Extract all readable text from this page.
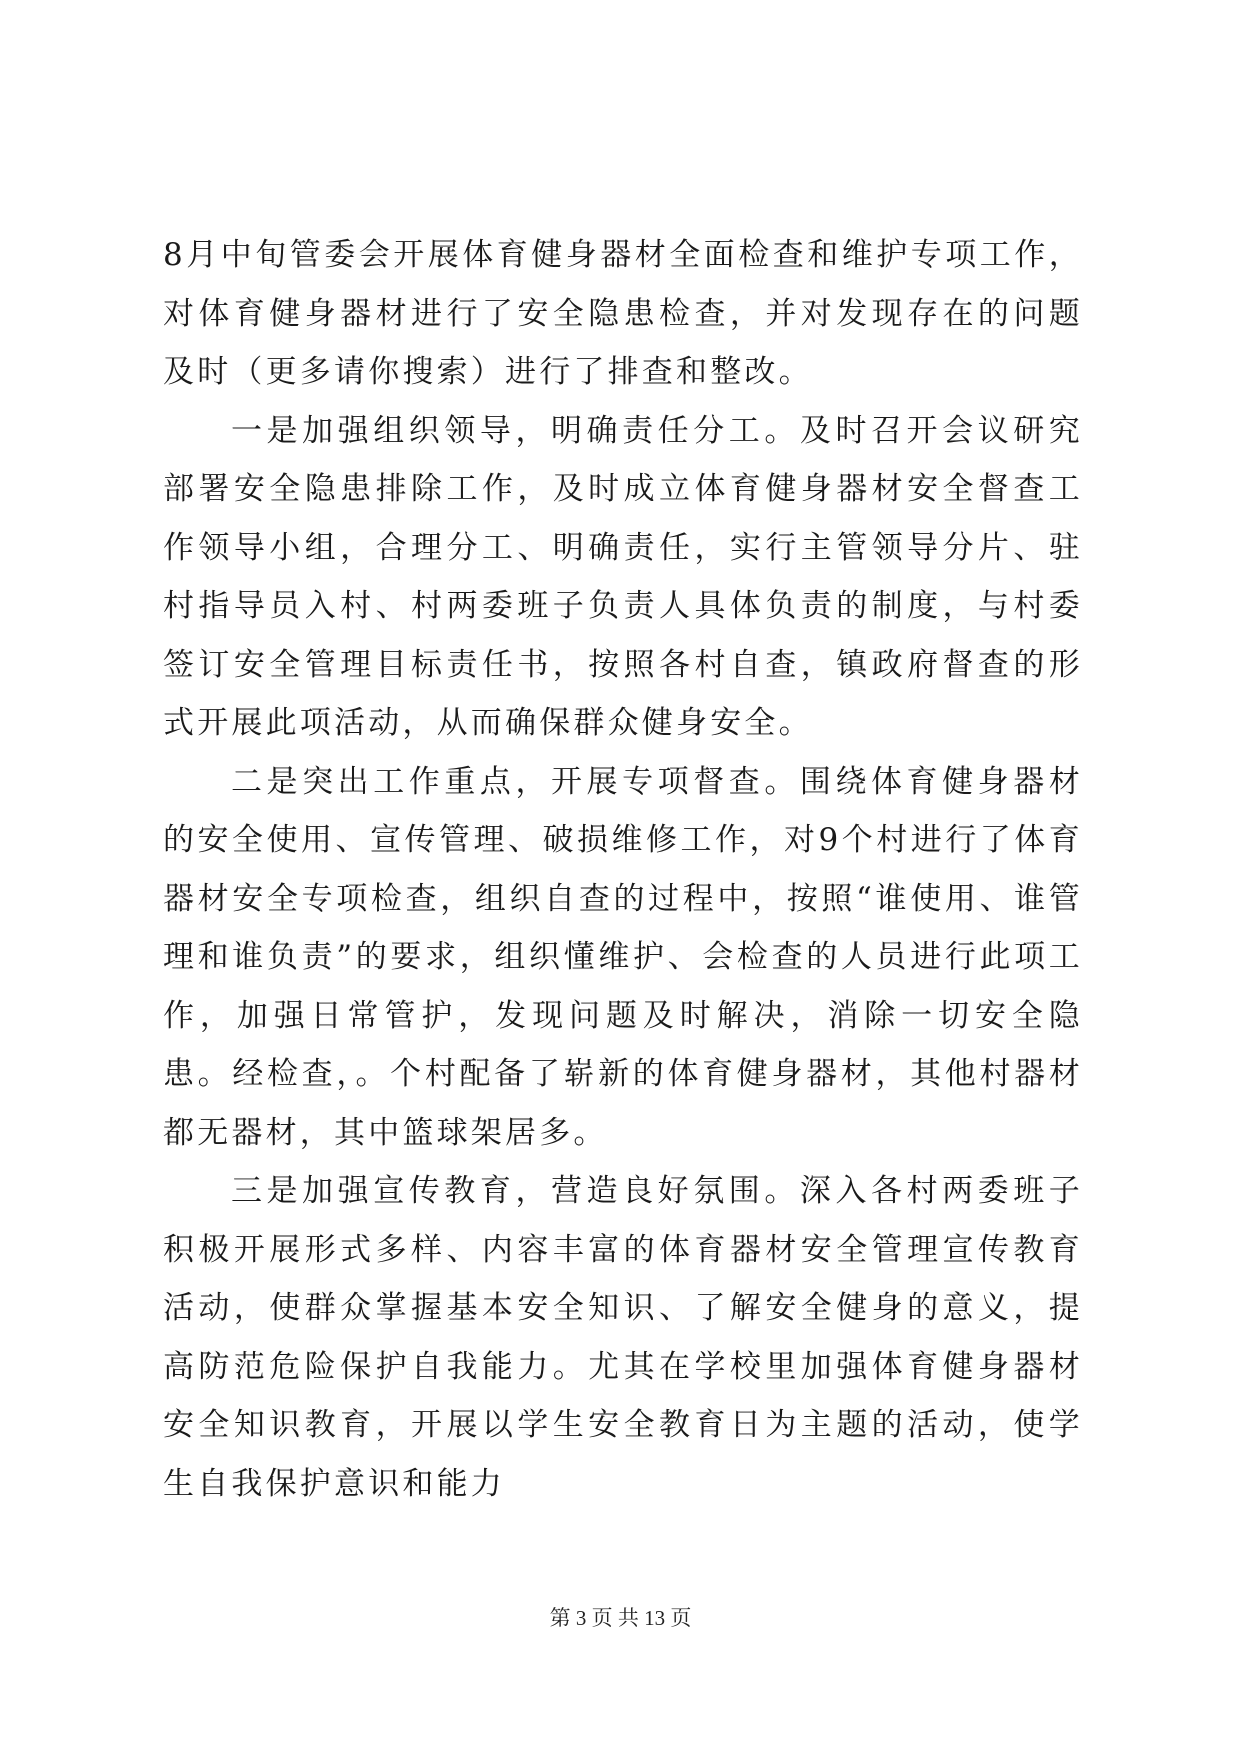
8月中旬管委会开展体育健身器材全面检查和维护专项工作，对体育健身器材进行了安全隐患检查，并对发现存在的问题及时（更多请你搜索）进行了排查和整改。

一是加强组织领导，明确责任分工。及时召开会议研究部署安全隐患排除工作，及时成立体育健身器材安全督查工作领导小组，合理分工、明确责任，实行主管领导分片、驻村指导员入村、村两委班子负责人具体负责的制度，与村委签订安全管理目标责任书，按照各村自查，镇政府督查的形式开展此项活动，从而确保群众健身安全。

二是突出工作重点，开展专项督查。围绕体育健身器材的安全使用、宣传管理、破损维修工作，对9个村进行了体育器材安全专项检查，组织自查的过程中，按照“谁使用、谁管理和谁负责”的要求，组织懂维护、会检查的人员进行此项工作，加强日常管护，发现问题及时解决，消除一切安全隐患。经检查，。个村配备了崭新的体育健身器材，其他村器材都无器材，其中篮球架居多。

三是加强宣传教育，营造良好氛围。深入各村两委班子积极开展形式多样、内容丰富的体育器材安全管理宣传教育活动，使群众掌握基本安全知识、了解安全健身的意义，提高防范危险保护自我能力。尤其在学校里加强体育健身器材安全知识教育，开展以学生安全教育日为主题的活动，使学生自我保护意识和能力

第 3 页 共 13 页
